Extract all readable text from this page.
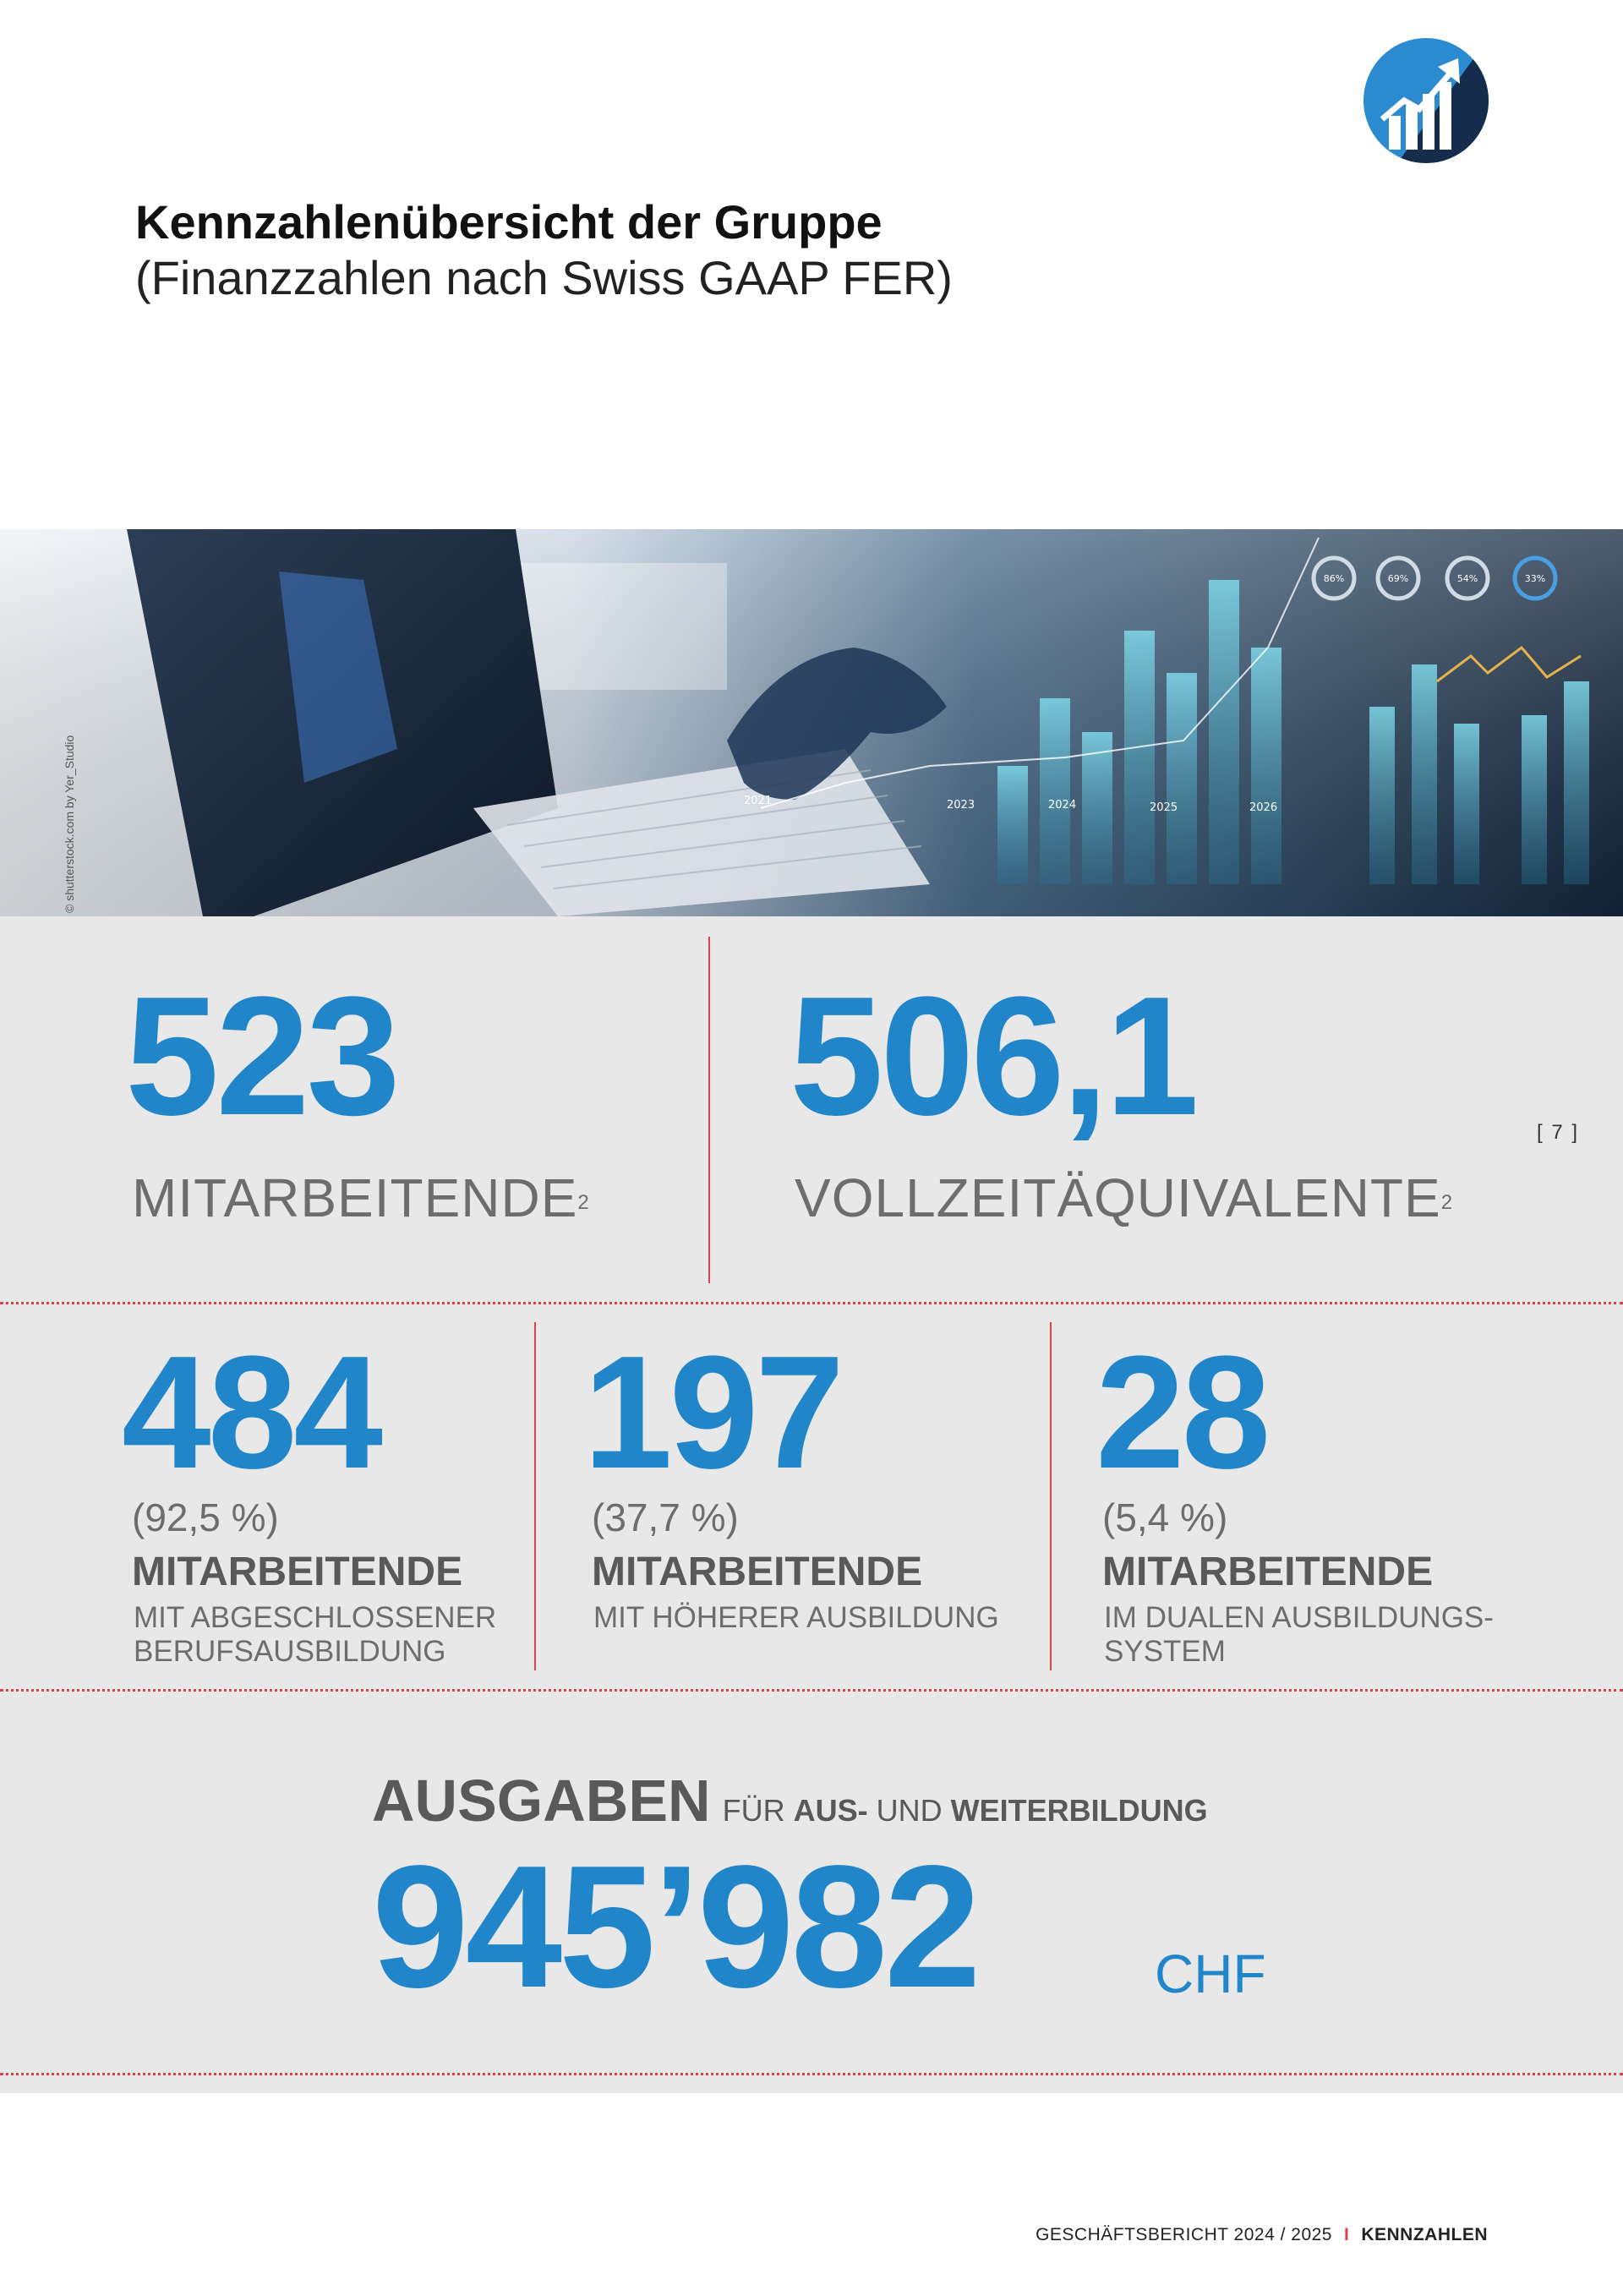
Kennzahlenübersicht der Gruppe
(Finanzzahlen nach Swiss GAAP FER)
86%	69%	54%	33%
2021	2023	2024	2025	2026
© shutterstock.com by Yer_Studio
523
MITARBEITENDE$^2$
506,1
VOLLZEITÄQUIVALENTE$^2$
[ 7 ]
484
(92,5 %)
MITARBEITENDE
MIT ABGESCHLOSSENER
BERUFSAUSBILDUNG
197
(37,7 %)
MITARBEITENDE
MIT HÖHERER AUSBILDUNG
28
(5,4 %)
MITARBEITENDE
IM DUALEN AUSBILDUNGS-
SYSTEM
AUSGABEN FÜR AUS- UND WEITERBILDUNG
945’982	CHF
GESCHÄFTSBERICHT 2024 / 2025 I KENNZAHLEN
